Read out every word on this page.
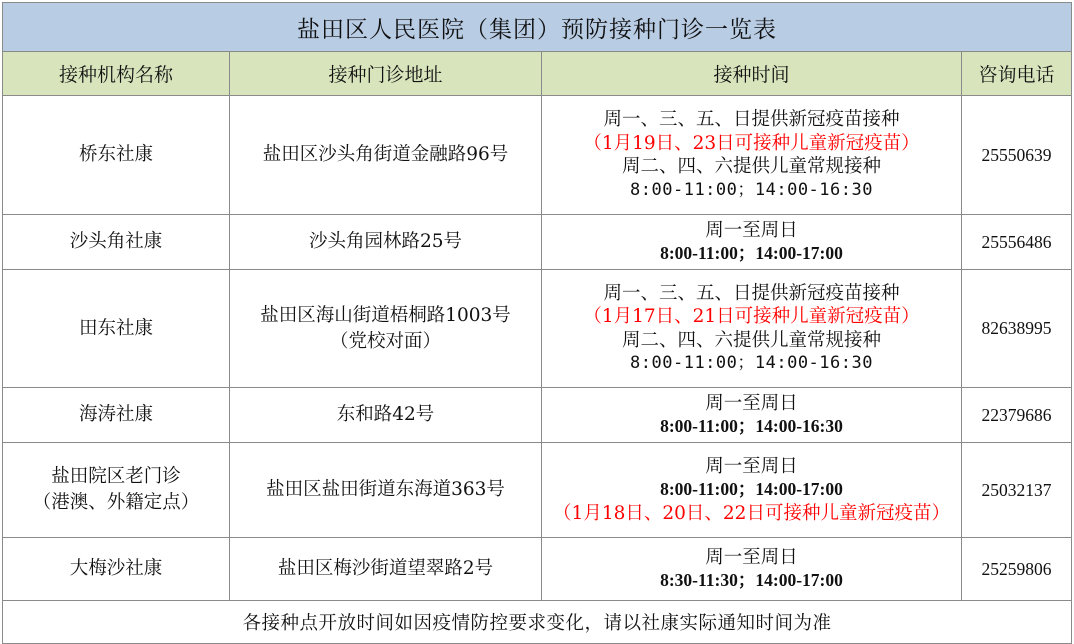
盐田区人民医院（集团）预防接种门诊一览表			
接种机构名称	接种门诊地址	接种时间	咨询电话

桥东社康	盐田区沙头角街道金融路96号	周一、三、五、日提供新冠疫苗接种
（1月19日、23日可接种儿童新冠疫苗）
周二、四、六提供儿童常规接种
8:00-11:00；14:00-16:30	25550639

沙头角社康	沙头角园林路25号	周一至周日
8:00-11:00；14:00-17:00	25556486

田东社康	盐田区海山街道梧桐路1003号
（党校对面）	周一、三、五、日提供新冠疫苗接种
（1月17日、21日可接种儿童新冠疫苗）
周二、四、六提供儿童常规接种
8:00-11:00；14:00-16:30	82638995

海涛社康	东和路42号	周一至周日
8:00-11:00；14:00-16:30	22379686

盐田院区老门诊
（港澳、外籍定点）	盐田区盐田街道东海道363号	周一至周日
8:00-11:00；14:00-17:00
（1月18日、20日、22日可接种儿童新冠疫苗）	25032137

大梅沙社康	盐田区梅沙街道望翠路2号	周一至周日
8:30-11:30；14:00-17:00	25259806
各接种点开放时间如因疫情防控要求变化，请以社康实际通知时间为准			
